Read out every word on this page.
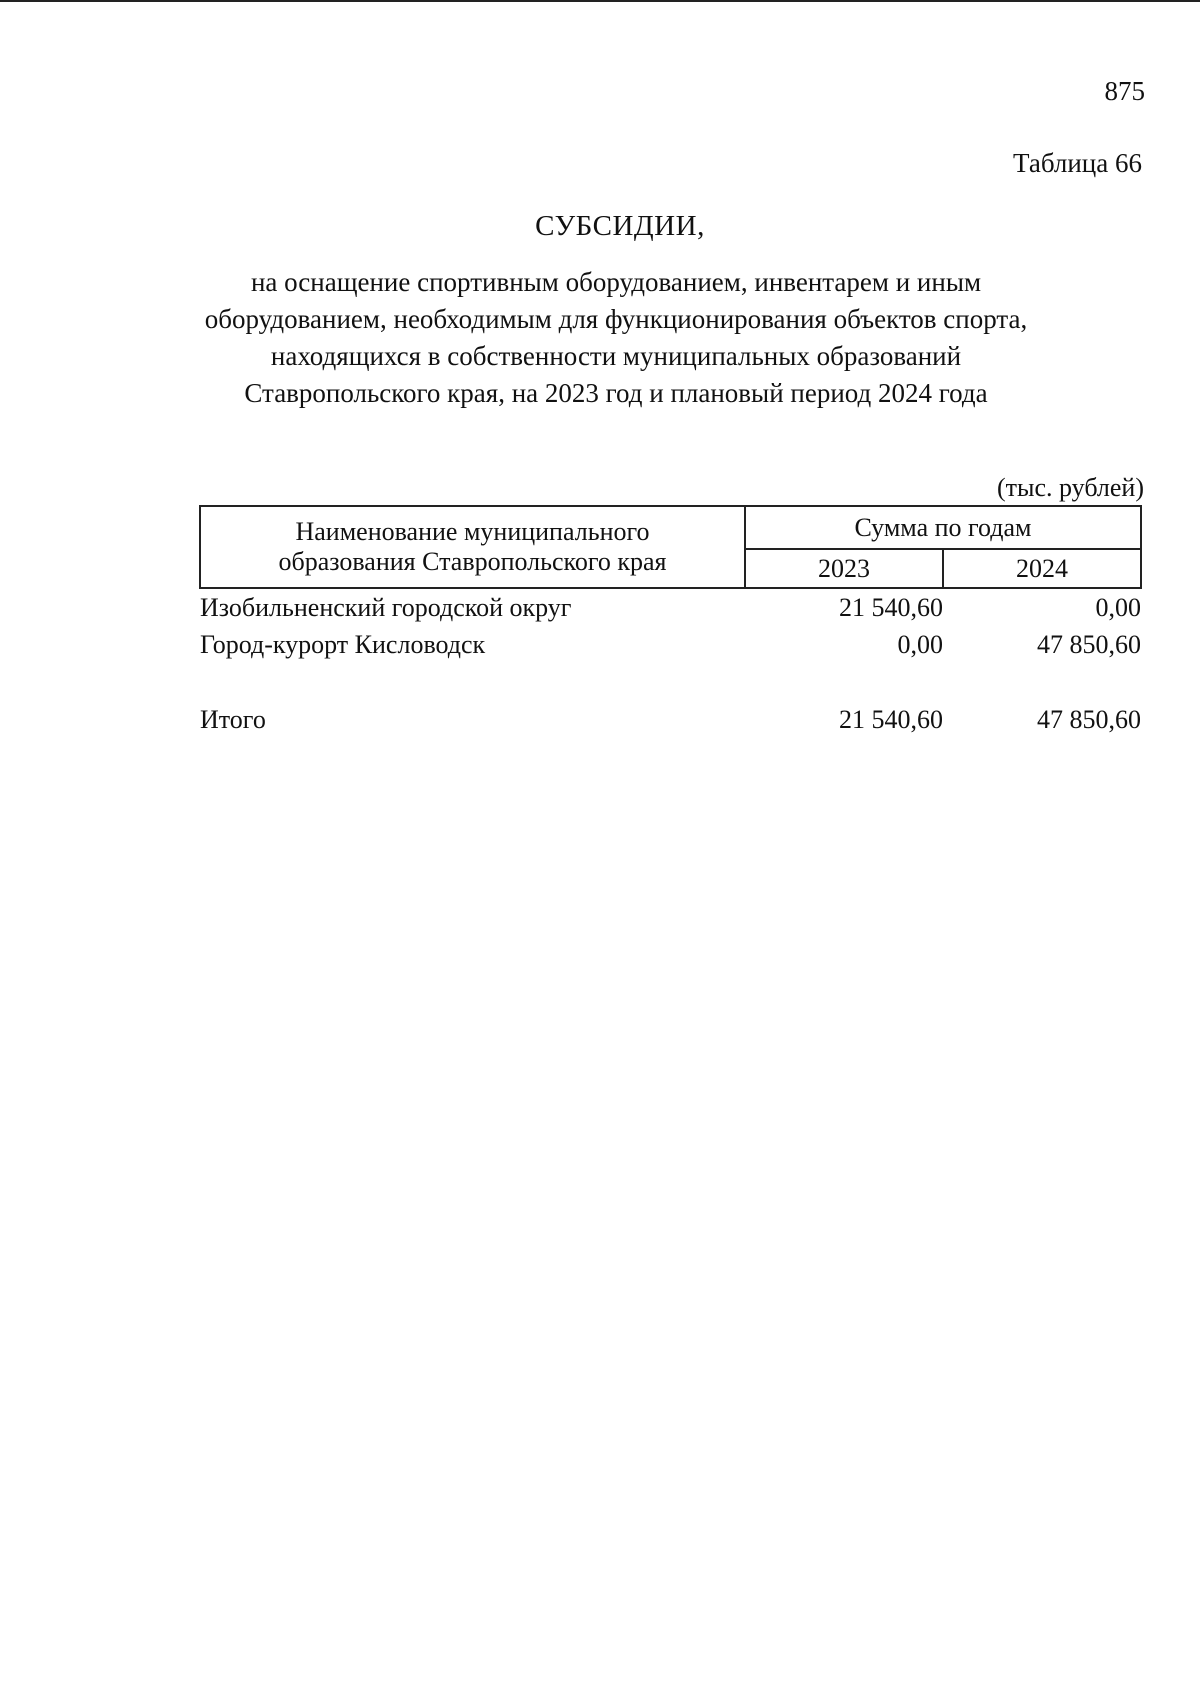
875
Таблица 66
СУБСИДИИ,
на оснащение спортивным оборудованием, инвентарем и иным
оборудованием, необходимым для функционирования объектов спорта,
находящихся в собственности муниципальных образований
Ставропольского края, на 2023 год и плановый период 2024 года
(тыс. рублей)
Наименование муниципального
образования Ставропольского края	Сумма по годам	
	2023	2024
Изобильненский городской округ	21 540,60	0,00
Город-курорт Кисловодск	0,00	47 850,60

Итого	21 540,60	47 850,60
